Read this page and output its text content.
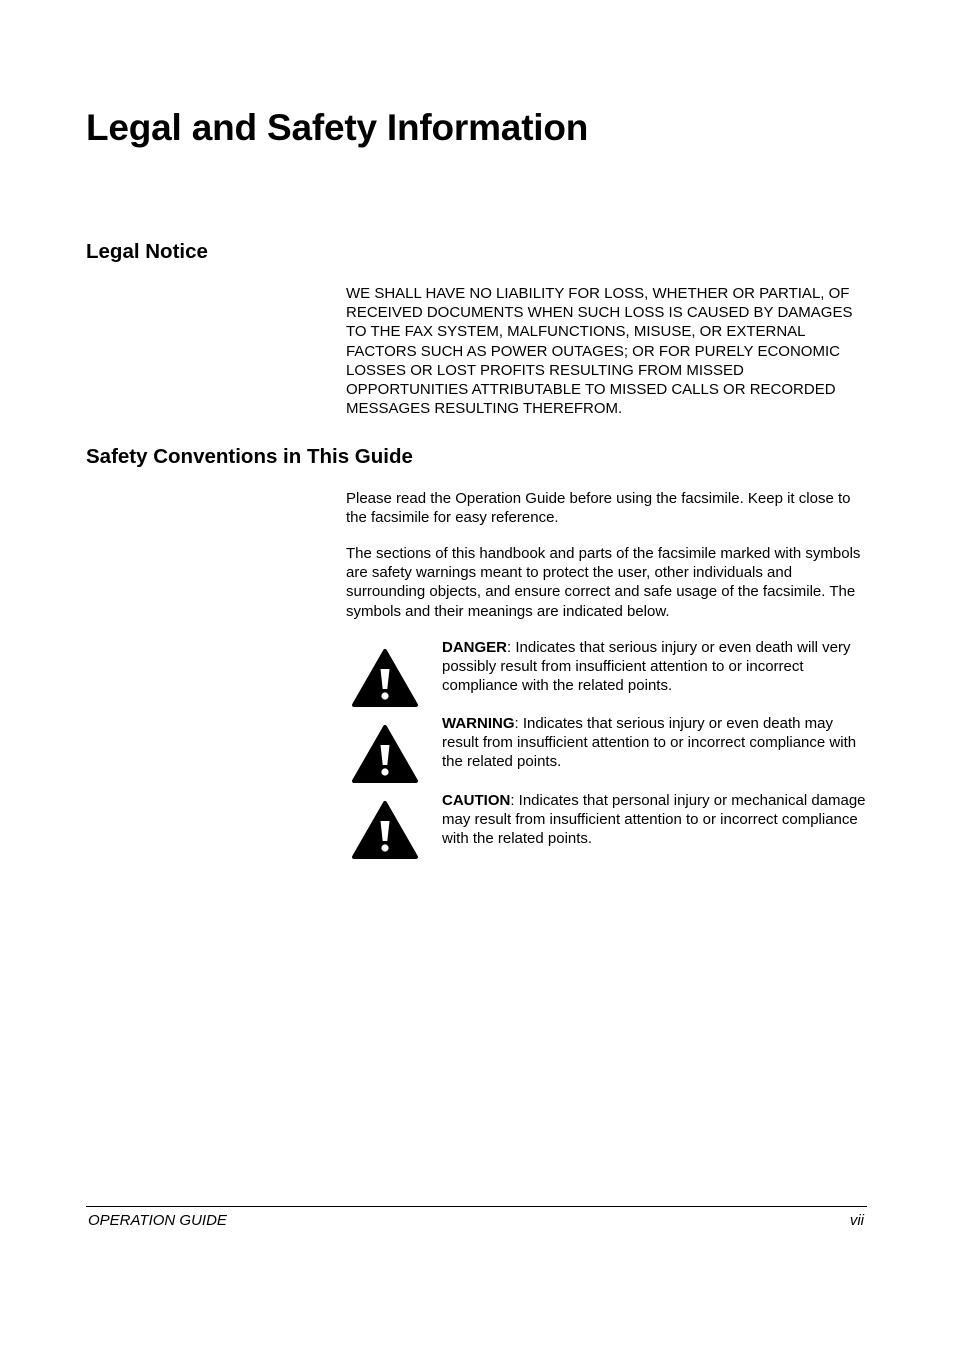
Legal and Safety Information
Legal Notice

WE SHALL HAVE NO LIABILITY FOR LOSS, WHETHER OR PARTIAL, OF RECEIVED DOCUMENTS WHEN SUCH LOSS IS CAUSED BY DAMAGES TO THE FAX SYSTEM, MALFUNCTIONS, MISUSE, OR EXTERNAL FACTORS SUCH AS POWER OUTAGES; OR FOR PURELY ECONOMIC LOSSES OR LOST PROFITS RESULTING FROM MISSED OPPORTUNITIES ATTRIBUTABLE TO MISSED CALLS OR RECORDED MESSAGES RESULTING THEREFROM.

Safety Conventions in This Guide

Please read the Operation Guide before using the facsimile. Keep it close to the facsimile for easy reference.

The sections of this handbook and parts of the facsimile marked with symbols are safety warnings meant to protect the user, other individuals and surrounding objects, and ensure correct and safe usage of the facsimile. The symbols and their meanings are indicated below.

DANGER: Indicates that serious injury or even death will very possibly result from insufficient attention to or incorrect compliance with the related points.

WARNING: Indicates that serious injury or even death may result from insufficient attention to or incorrect compliance with the related points.

CAUTION: Indicates that personal injury or mechanical damage may result from insufficient attention to or incorrect compliance with the related points.

OPERATION GUIDE	vii
